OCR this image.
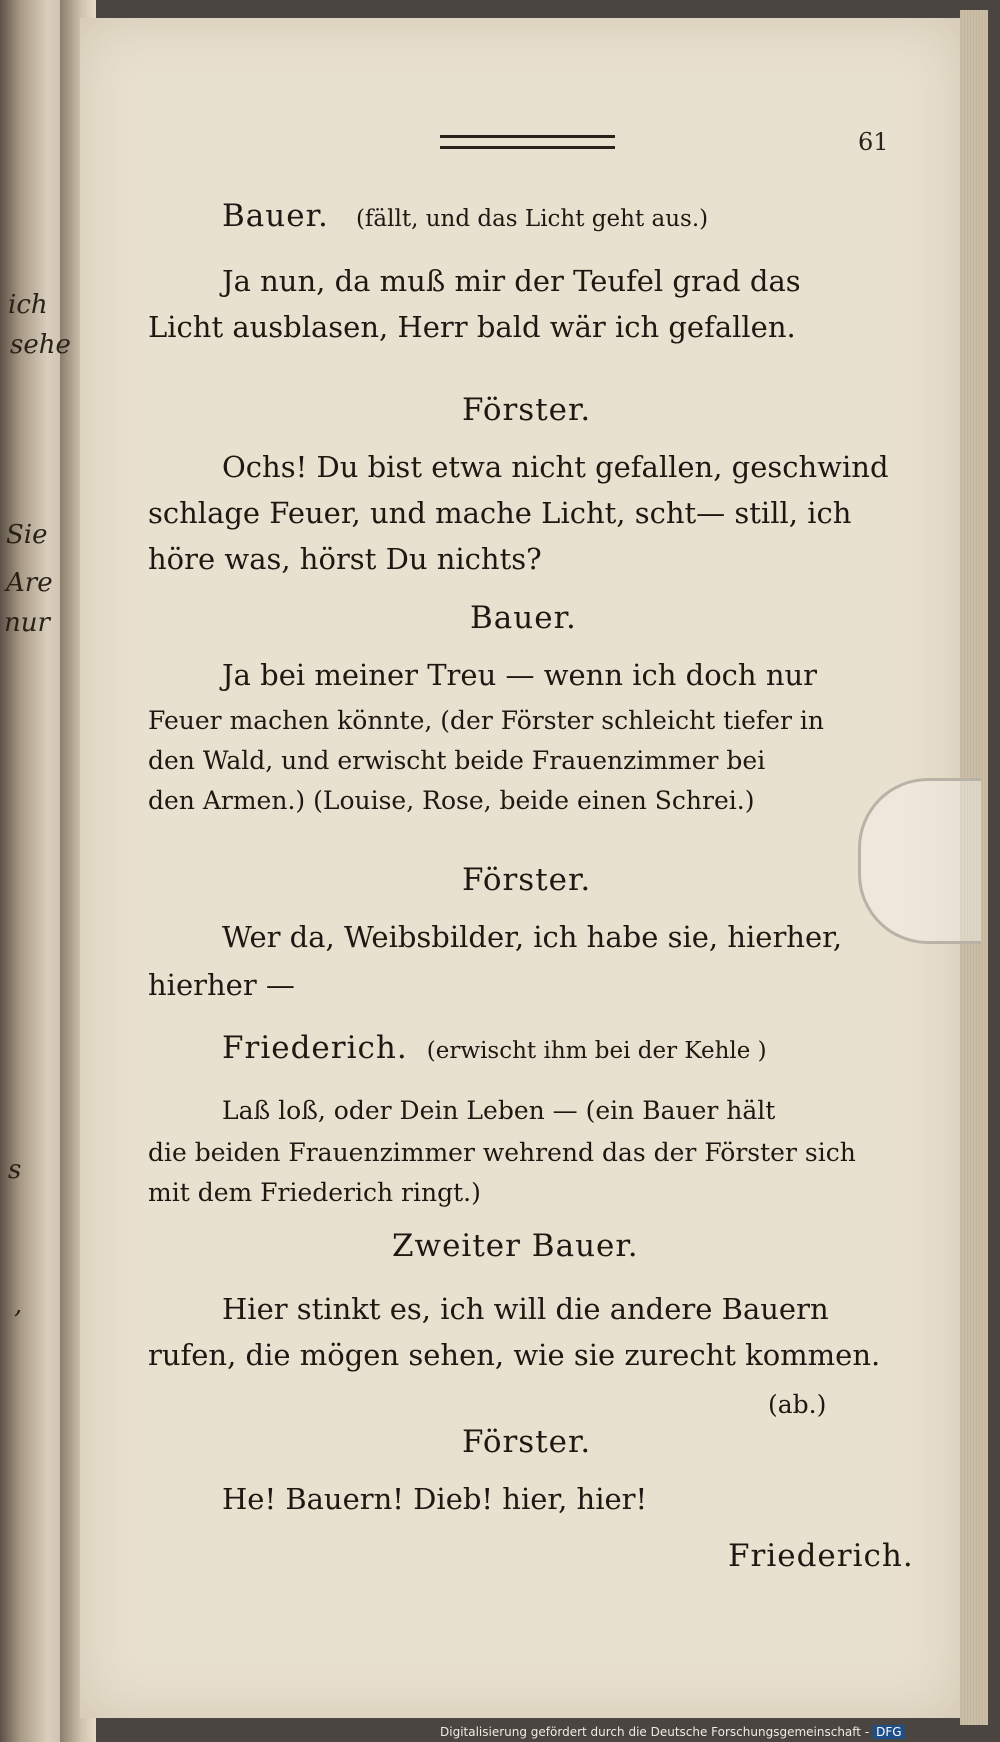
ich
sehe
Sie
Are
nur
s
,
61
Bauer. (fällt, und das Licht geht aus.)
Ja nun, da muß mir der Teufel grad das
Licht ausblasen, Herr bald wär ich gefallen.
Förster.
Ochs! Du bist etwa nicht gefallen, geschwind
schlage Feuer, und mache Licht, scht— still, ich
höre was, hörst Du nichts?
Bauer.
Ja bei meiner Treu — wenn ich doch nur
Feuer machen könnte, (der Förster schleicht tiefer in
den Wald, und erwischt beide Frauenzimmer bei
den Armen.) (Louise, Rose, beide einen Schrei.)
Förster.
Wer da, Weibsbilder, ich habe sie, hierher,
hierher —
Friederich. (erwischt ihm bei der Kehle )
Laß loß, oder Dein Leben — (ein Bauer hält
die beiden Frauenzimmer wehrend das der Förster sich
mit dem Friederich ringt.)
Zweiter Bauer.
Hier stinkt es, ich will die andere Bauern
rufen, die mögen sehen, wie sie zurecht kommen.
(ab.)
Förster.
He! Bauern! Dieb! hier, hier!
Friederich.
Digitalisierung gefördert durch die Deutsche Forschungsgemeinschaft - DFG
